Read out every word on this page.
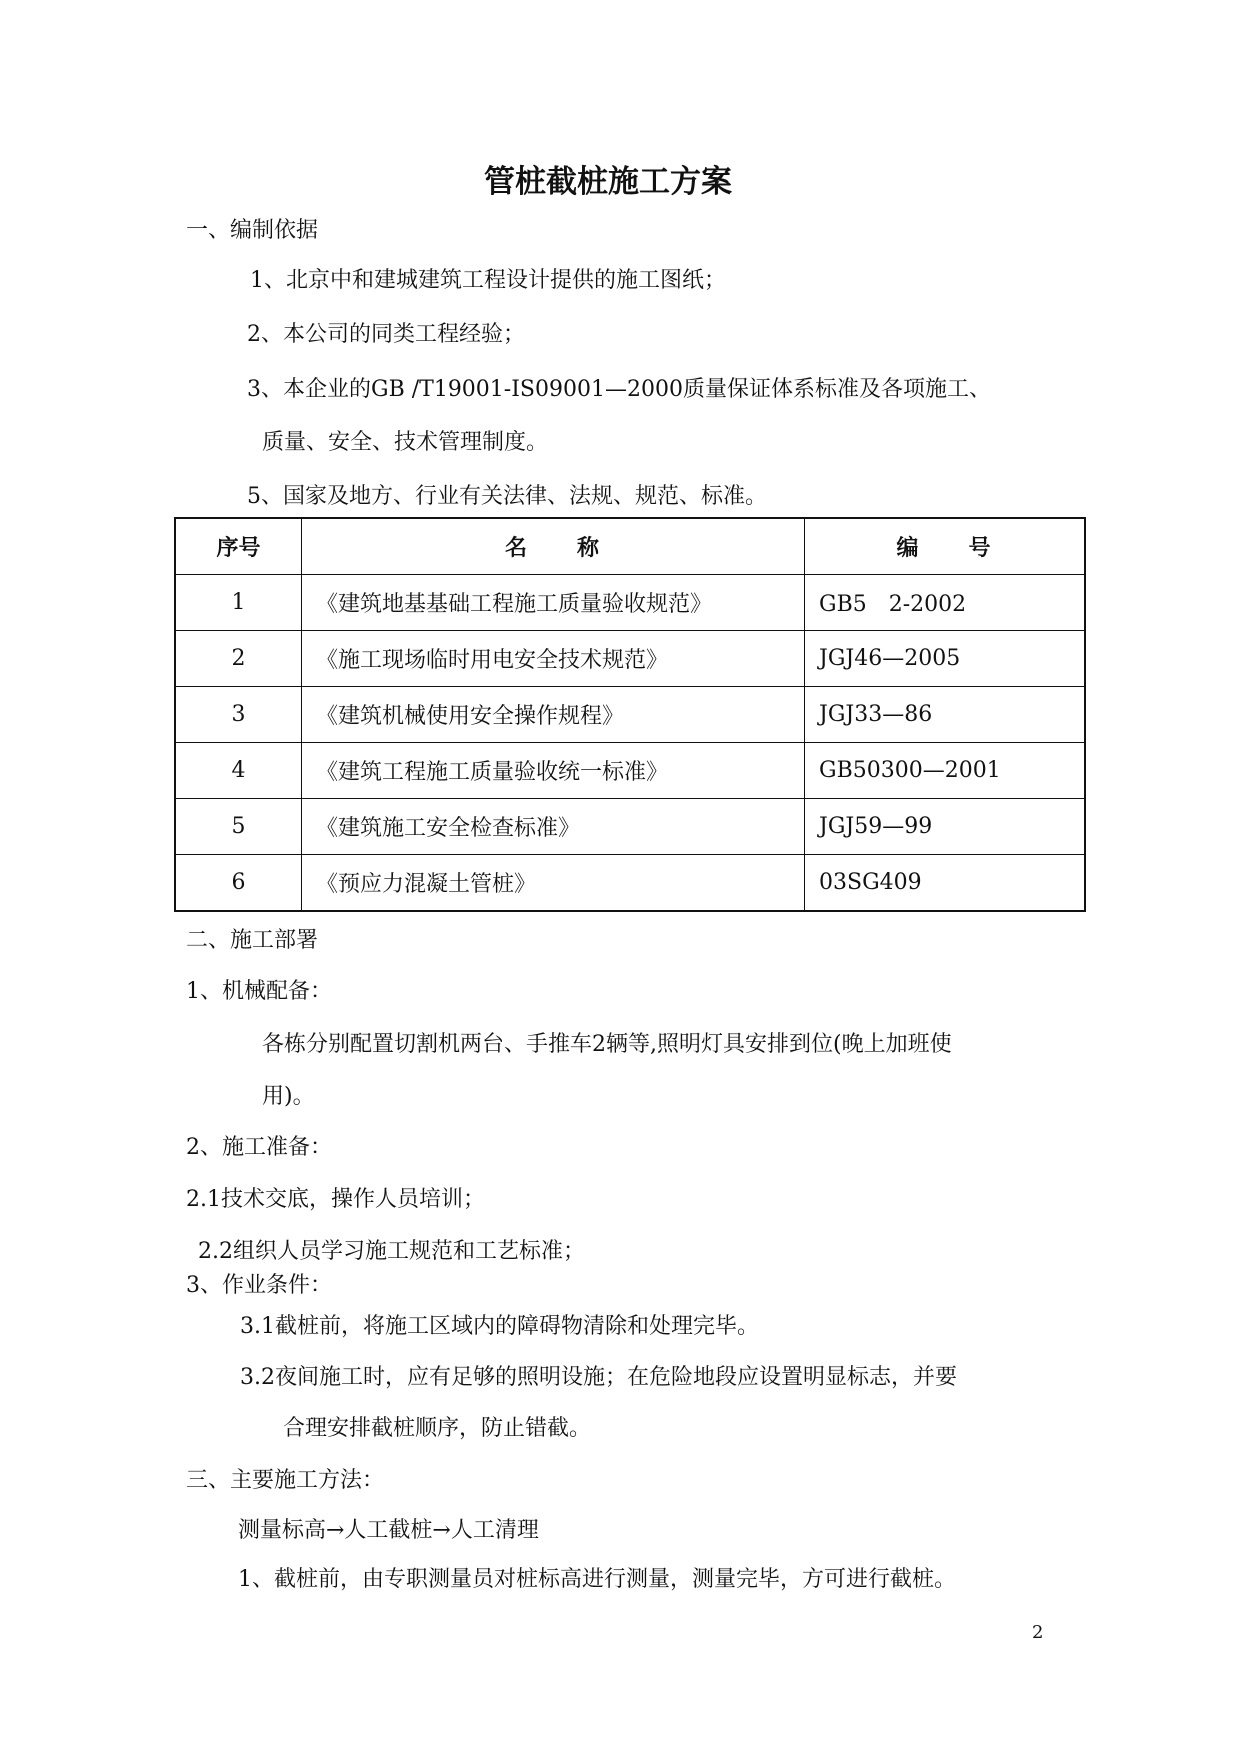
管桩截桩施工方案
一、编制依据
1、北京中和建城建筑工程设计提供的施工图纸；
2、本公司的同类工程经验；
3、本企业的GB /T19001-IS09001—2000质量保证体系标准及各项施工、
质量、安全、技术管理制度。
5、国家及地方、行业有关法律、法规、规范、标准。
序号	名　　称	编　　号
1	《建筑地基基础工程施工质量验收规范》	GB5　2-2002
2	《施工现场临时用电安全技术规范》	JGJ46—2005
3	《建筑机械使用安全操作规程》	JGJ33—86
4	《建筑工程施工质量验收统一标准》	GB50300—2001
5	《建筑施工安全检查标准》	JGJ59—99
6	《预应力混凝土管桩》	03SG409
二、施工部署
1、机械配备：
各栋分别配置切割机两台、手推车2辆等,照明灯具安排到位(晚上加班使
用)。
2、施工准备：
2.1技术交底，操作人员培训；
2.2组织人员学习施工规范和工艺标准；
3、作业条件：
3.1截桩前，将施工区域内的障碍物清除和处理完毕。
3.2夜间施工时，应有足够的照明设施；在危险地段应设置明显标志，并要
合理安排截桩顺序，防止错截。
三、主要施工方法：
测量标高→人工截桩→人工清理
1、截桩前，由专职测量员对桩标高进行测量，测量完毕，方可进行截桩。
2
